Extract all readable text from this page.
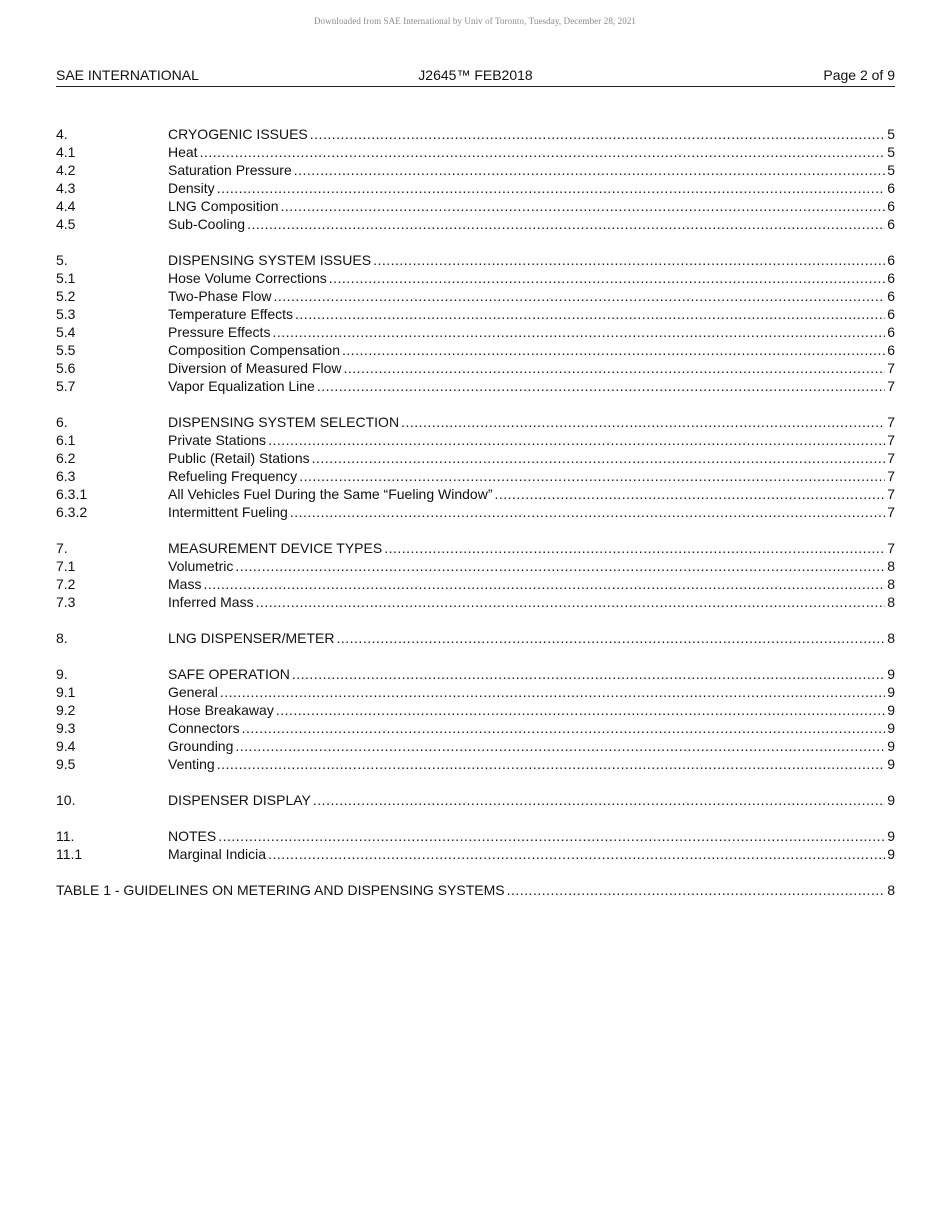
Downloaded from SAE International by Univ of Toronto, Tuesday, December 28, 2021
SAE INTERNATIONAL	J2645™ FEB2018	Page 2 of 9
4.	CRYOGENIC ISSUES .....	5
4.1	Heat .....	5
4.2	Saturation Pressure .....	5
4.3	Density .....	6
4.4	LNG Composition .....	6
4.5	Sub-Cooling .....	6
5.	DISPENSING SYSTEM ISSUES .....	6
5.1	Hose Volume Corrections .....	6
5.2	Two-Phase Flow .....	6
5.3	Temperature Effects .....	6
5.4	Pressure Effects .....	6
5.5	Composition Compensation .....	6
5.6	Diversion of Measured Flow .....	7
5.7	Vapor Equalization Line .....	7
6.	DISPENSING SYSTEM SELECTION .....	7
6.1	Private Stations .....	7
6.2	Public (Retail) Stations .....	7
6.3	Refueling Frequency .....	7
6.3.1	All Vehicles Fuel During the Same “Fueling Window” .....	7
6.3.2	Intermittent Fueling .....	7
7.	MEASUREMENT DEVICE TYPES .....	7
7.1	Volumetric .....	8
7.2	Mass .....	8
7.3	Inferred Mass .....	8
8.	LNG DISPENSER/METER .....	8
9.	SAFE OPERATION .....	9
9.1	General .....	9
9.2	Hose Breakaway .....	9
9.3	Connectors .....	9
9.4	Grounding .....	9
9.5	Venting .....	9
10.	DISPENSER DISPLAY .....	9
11.	NOTES .....	9
11.1	Marginal Indicia .....	9
TABLE 1 - GUIDELINES ON METERING AND DISPENSING SYSTEMS .....	8
